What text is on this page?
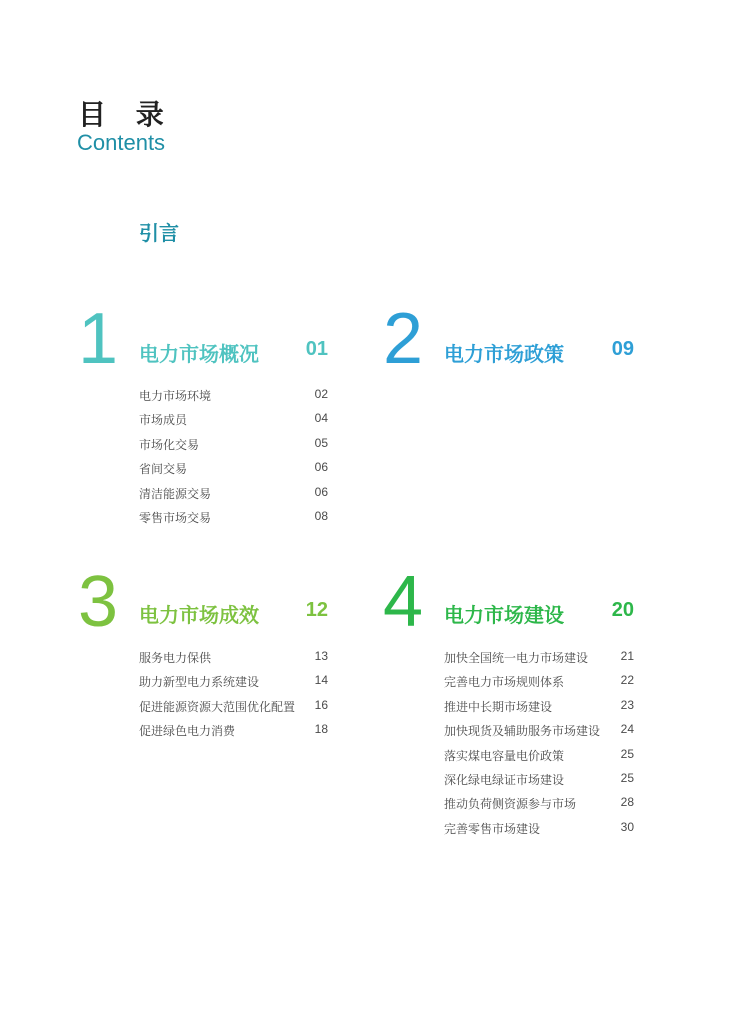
目 录
Contents
引言
1 电力市场概况	01
电力市场环境	02
市场成员	04
市场化交易	05
省间交易	06
清洁能源交易	06
零售市场交易	08
2 电力市场政策	09
3 电力市场成效	12
服务电力保供	13
助力新型电力系统建设	14
促进能源资源大范围优化配置	16
促进绿色电力消费	18
4 电力市场建设	20
加快全国统一电力市场建设	21
完善电力市场规则体系	22
推进中长期市场建设	23
加快现货及辅助服务市场建设	24
落实煤电容量电价政策	25
深化绿电绿证市场建设	25
推动负荷侧资源参与市场	28
完善零售市场建设	30
